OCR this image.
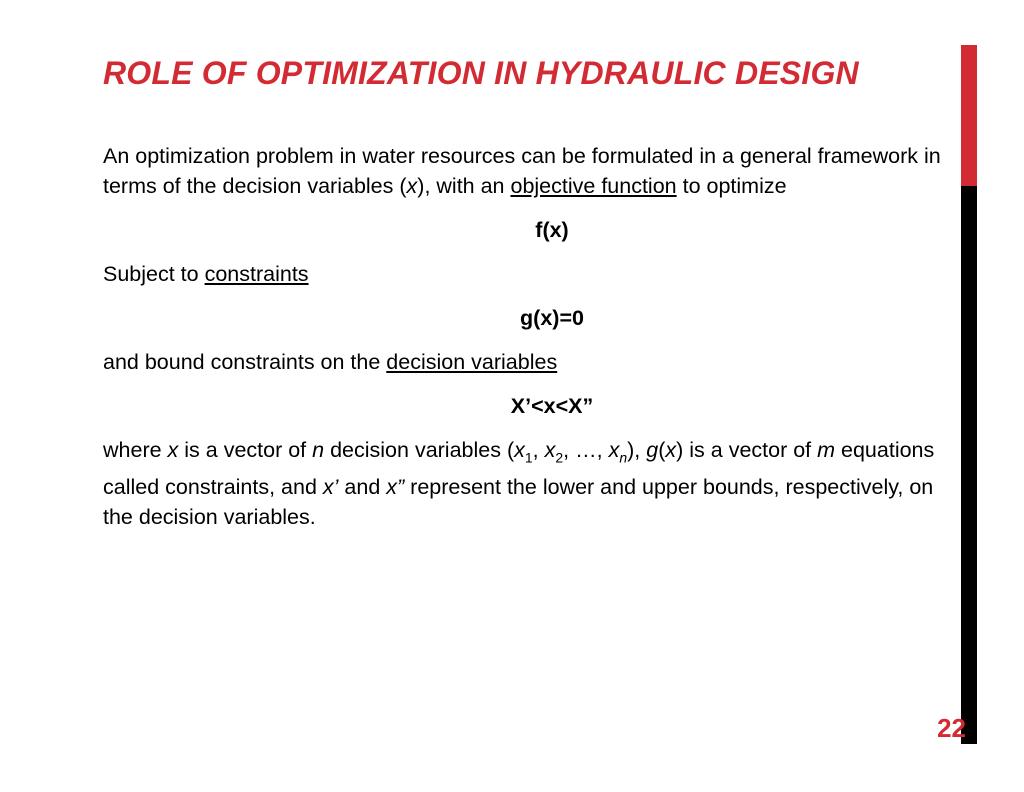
ROLE OF OPTIMIZATION IN HYDRAULIC DESIGN

An optimization problem in water resources can be formulated in a general framework in terms of the decision variables (x), with an objective function to optimize

f(x)

Subject to constraints

g(x)=0

and bound constraints on the decision variables

X’<x<X”

where x is a vector of n decision variables ($x_1$, $x_2$, …, $x_n$), g(x) is a vector of m equations called constraints, and x’ and x” represent the lower and upper bounds, respectively, on the decision variables.

22
